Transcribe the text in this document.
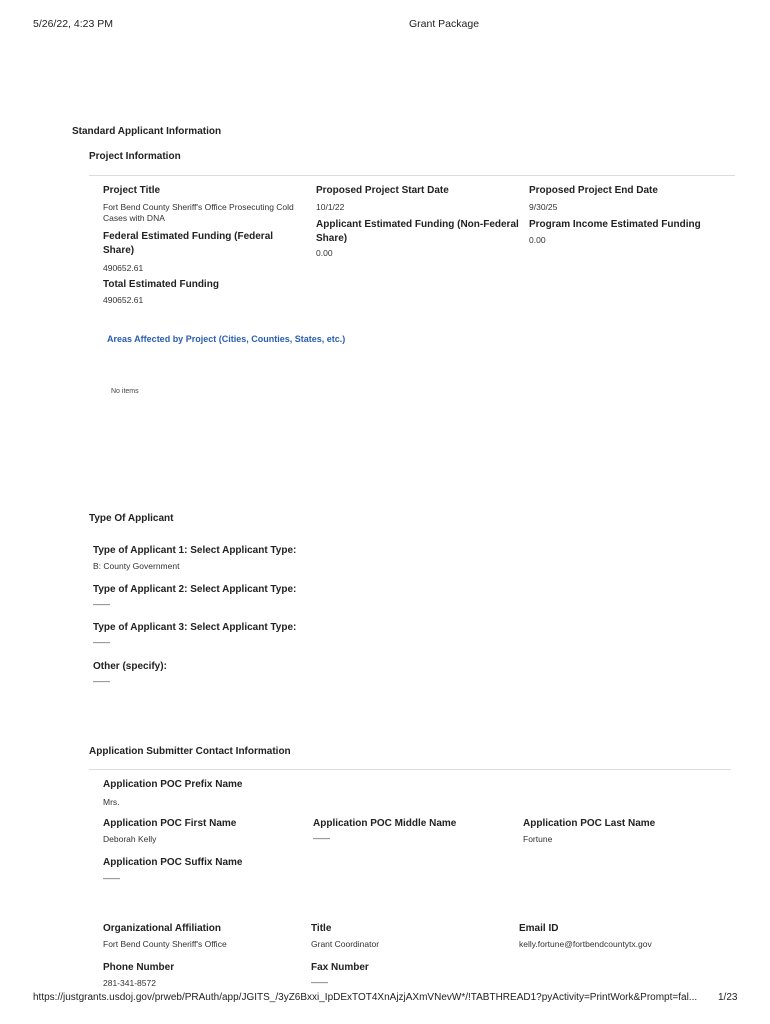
5/26/22, 4:23 PM	Grant Package
Standard Applicant Information
Project Information
Project Title
Fort Bend County Sheriff's Office Prosecuting Cold Cases with DNA
Proposed Project Start Date
10/1/22
Proposed Project End Date
9/30/25
Federal Estimated Funding (Federal Share)
490652.61
Applicant Estimated Funding (Non-Federal Share)
0.00
Program Income Estimated Funding
0.00
Total Estimated Funding
490652.61
Areas Affected by Project (Cities, Counties, States, etc.)
No items
Type Of Applicant
Type of Applicant 1: Select Applicant Type:
B: County Government
Type of Applicant 2: Select Applicant Type:
——
Type of Applicant 3: Select Applicant Type:
——
Other (specify):
——
Application Submitter Contact Information
Application POC Prefix Name
Mrs.
Application POC First Name
Deborah Kelly
Application POC Middle Name
——
Application POC Last Name
Fortune
Application POC Suffix Name
——
Organizational Affiliation
Fort Bend County Sheriff's Office
Title
Grant Coordinator
Email ID
kelly.fortune@fortbendcountytx.gov
Phone Number
281-341-8572
Fax Number
——
https://justgrants.usdoj.gov/prweb/PRAuth/app/JGITS_/3yZ6Bxxi_IpDExTOT4XnAjzjAXmVNevW*/!TABTHREAD1?pyActivity=PrintWork&Prompt=fal...	1/23
